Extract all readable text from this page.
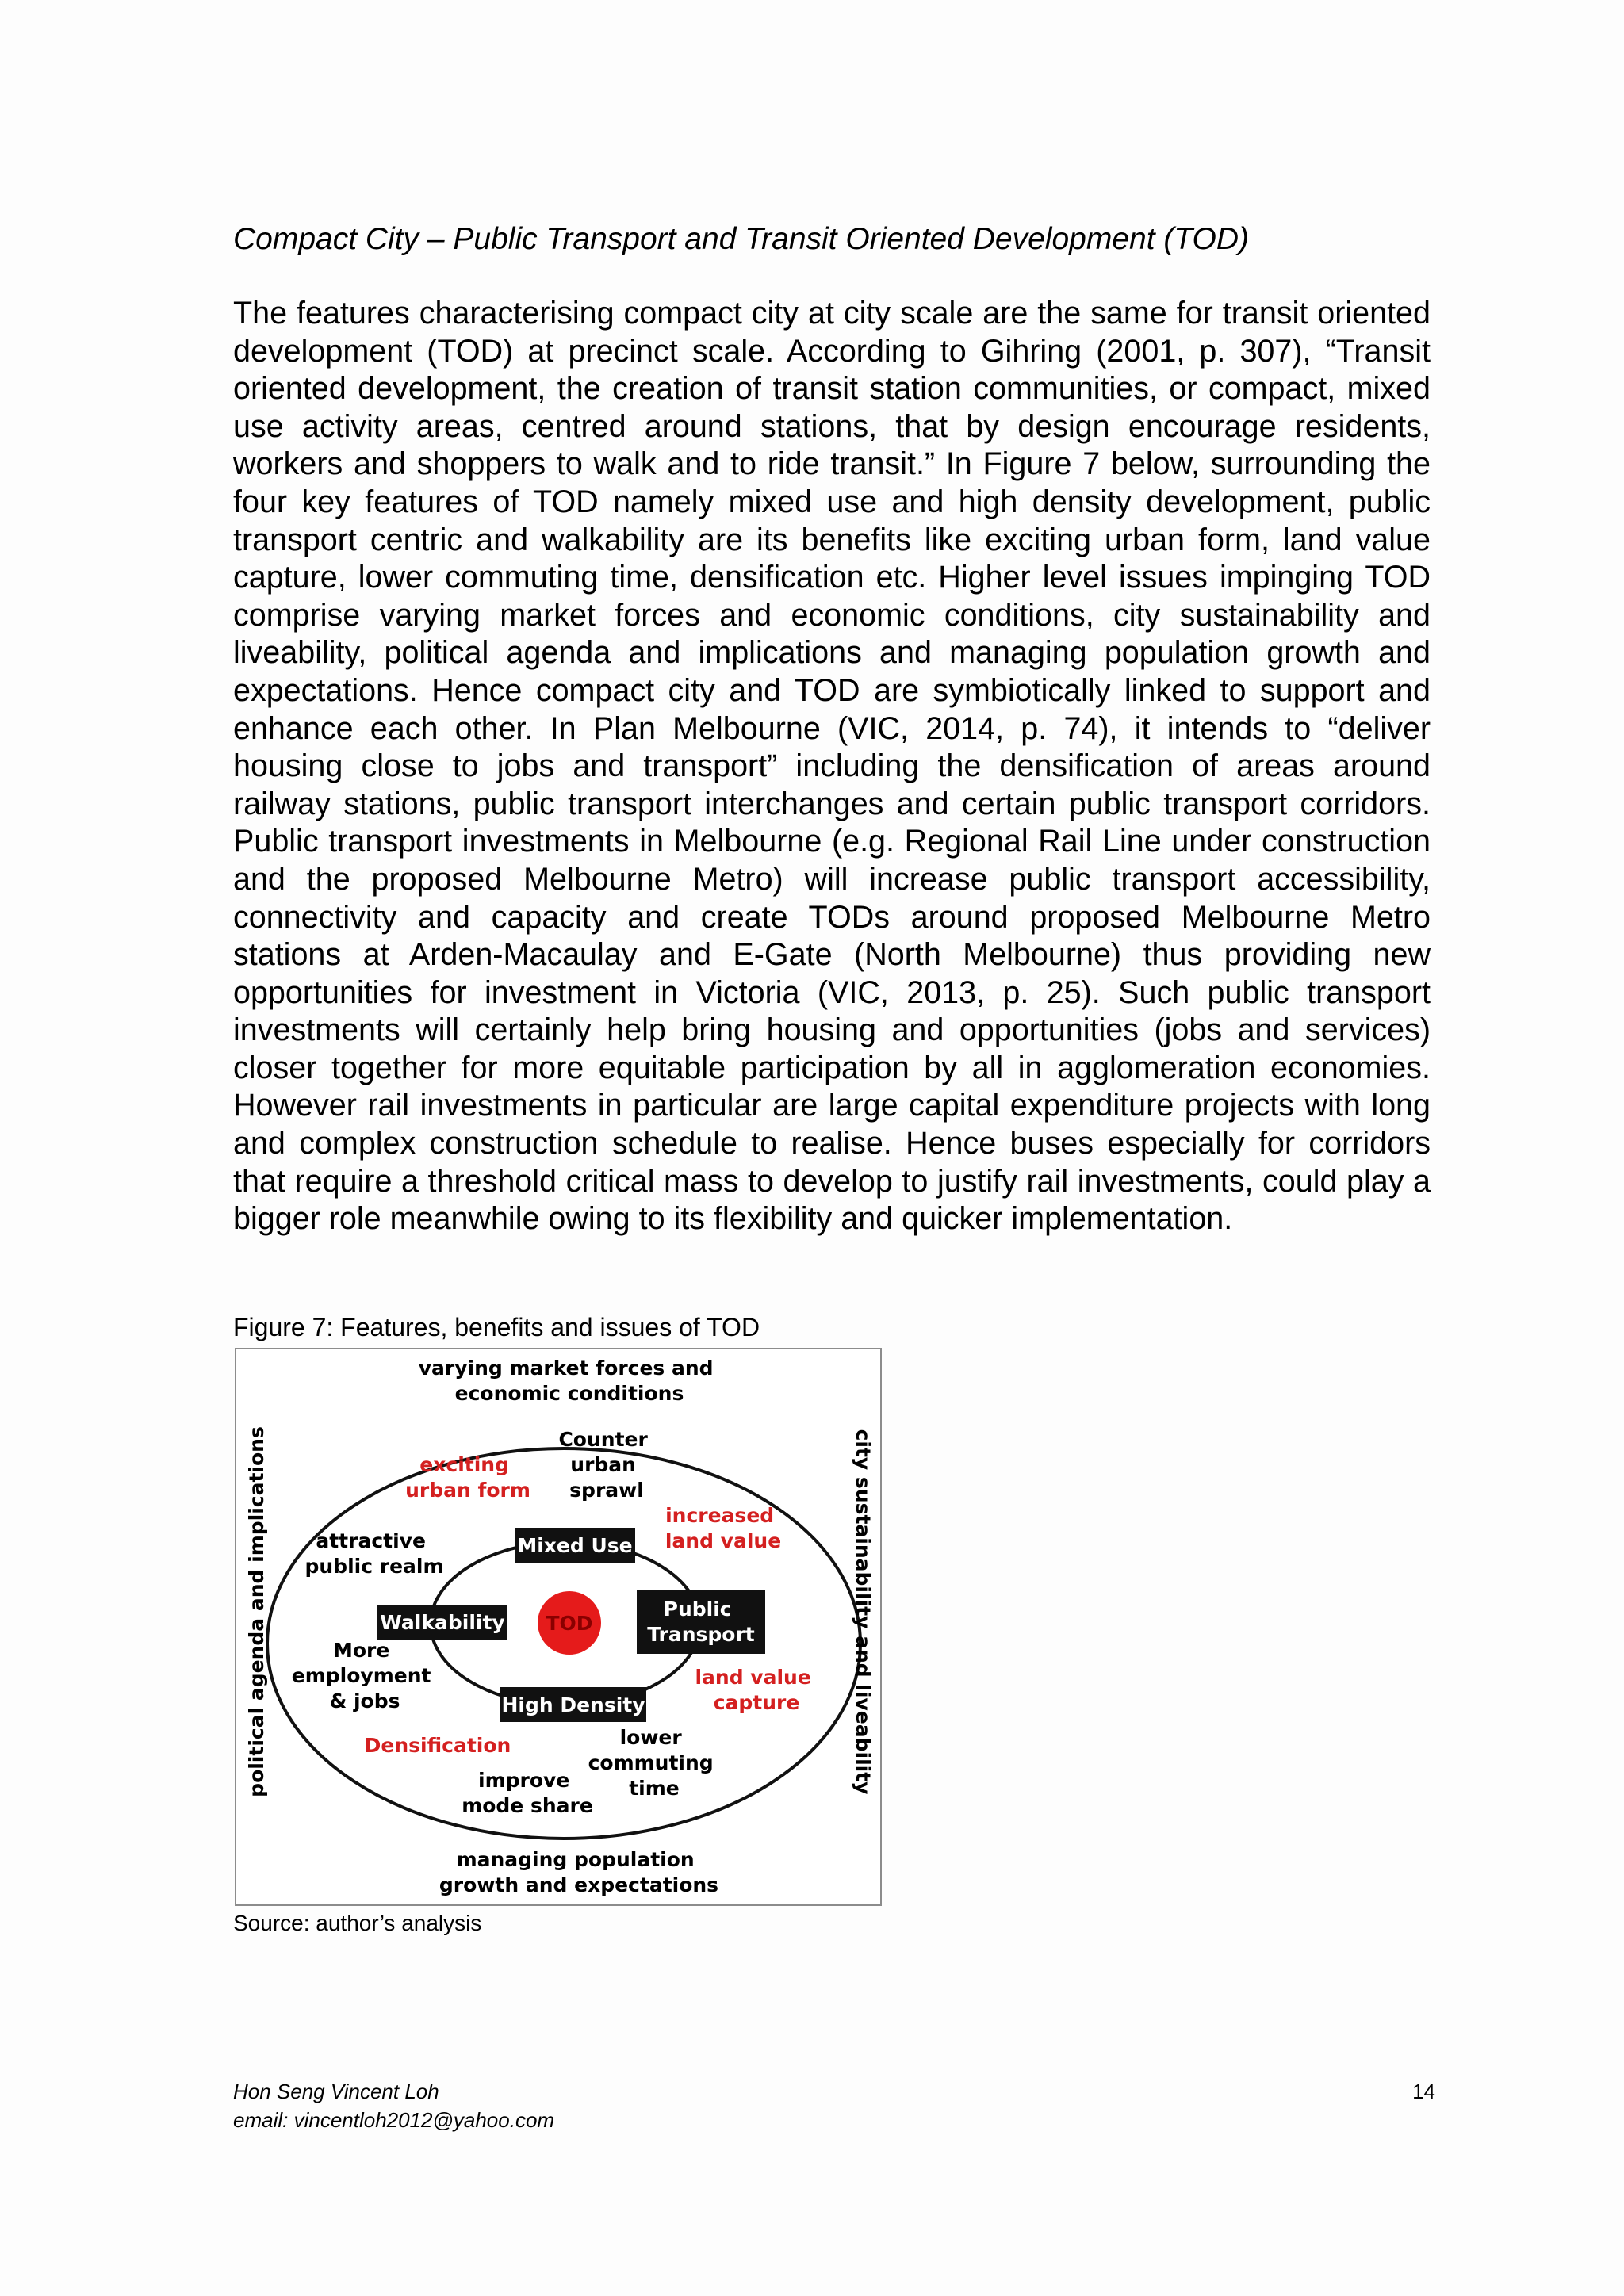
Compact City – Public Transport and Transit Oriented Development (TOD)

The features characterising compact city at city scale are the same for transit oriented development (TOD) at precinct scale. According to Gihring (2001, p. 307), “Transit oriented development, the creation of transit station communities, or compact, mixed use activity areas, centred around stations, that by design encourage residents, workers and shoppers to walk and to ride transit.” In Figure 7 below, surrounding the four key features of TOD namely mixed use and high density development, public transport centric and walkability are its benefits like exciting urban form, land value capture, lower commuting time, densification etc. Higher level issues impinging TOD comprise varying market forces and economic conditions, city sustainability and liveability, political agenda and implications and managing population growth and expectations. Hence compact city and TOD are symbiotically linked to support and enhance each other. In Plan Melbourne (VIC, 2014, p. 74), it intends to “deliver housing close to jobs and transport” including the densification of areas around railway stations, public transport interchanges and certain public transport corridors. Public transport investments in Melbourne (e.g. Regional Rail Line under construction and the proposed Melbourne Metro) will increase public transport accessibility, connectivity and capacity and create TODs around proposed Melbourne Metro stations at Arden-Macaulay and E-Gate (North Melbourne) thus providing new opportunities for investment in Victoria (VIC, 2013, p. 25). Such public transport investments will certainly help bring housing and opportunities (jobs and services) closer together for more equitable participation by all in agglomeration economies. However rail investments in particular are large capital expenditure projects with long and complex construction schedule to realise. Hence buses especially for corridors that require a threshold critical mass to develop to justify rail investments, could play a bigger role meanwhile owing to its flexibility and quicker implementation.

Figure 7: Features, benefits and issues of TOD
varying market forces and economic conditions
managing population growth and expectations
political agenda and implications	city sustainability and liveability
Mixed Use
Walkability
Public Transport
High Density
TOD
exciting urban form
increased land value
land value capture
Densification
Counter urban sprawl
attractive public realm
More employment & jobs
lower commuting time
improve mode share
Source: author’s analysis
Hon Seng Vincent Loh
email: vincentloh2012@yahoo.com
14
